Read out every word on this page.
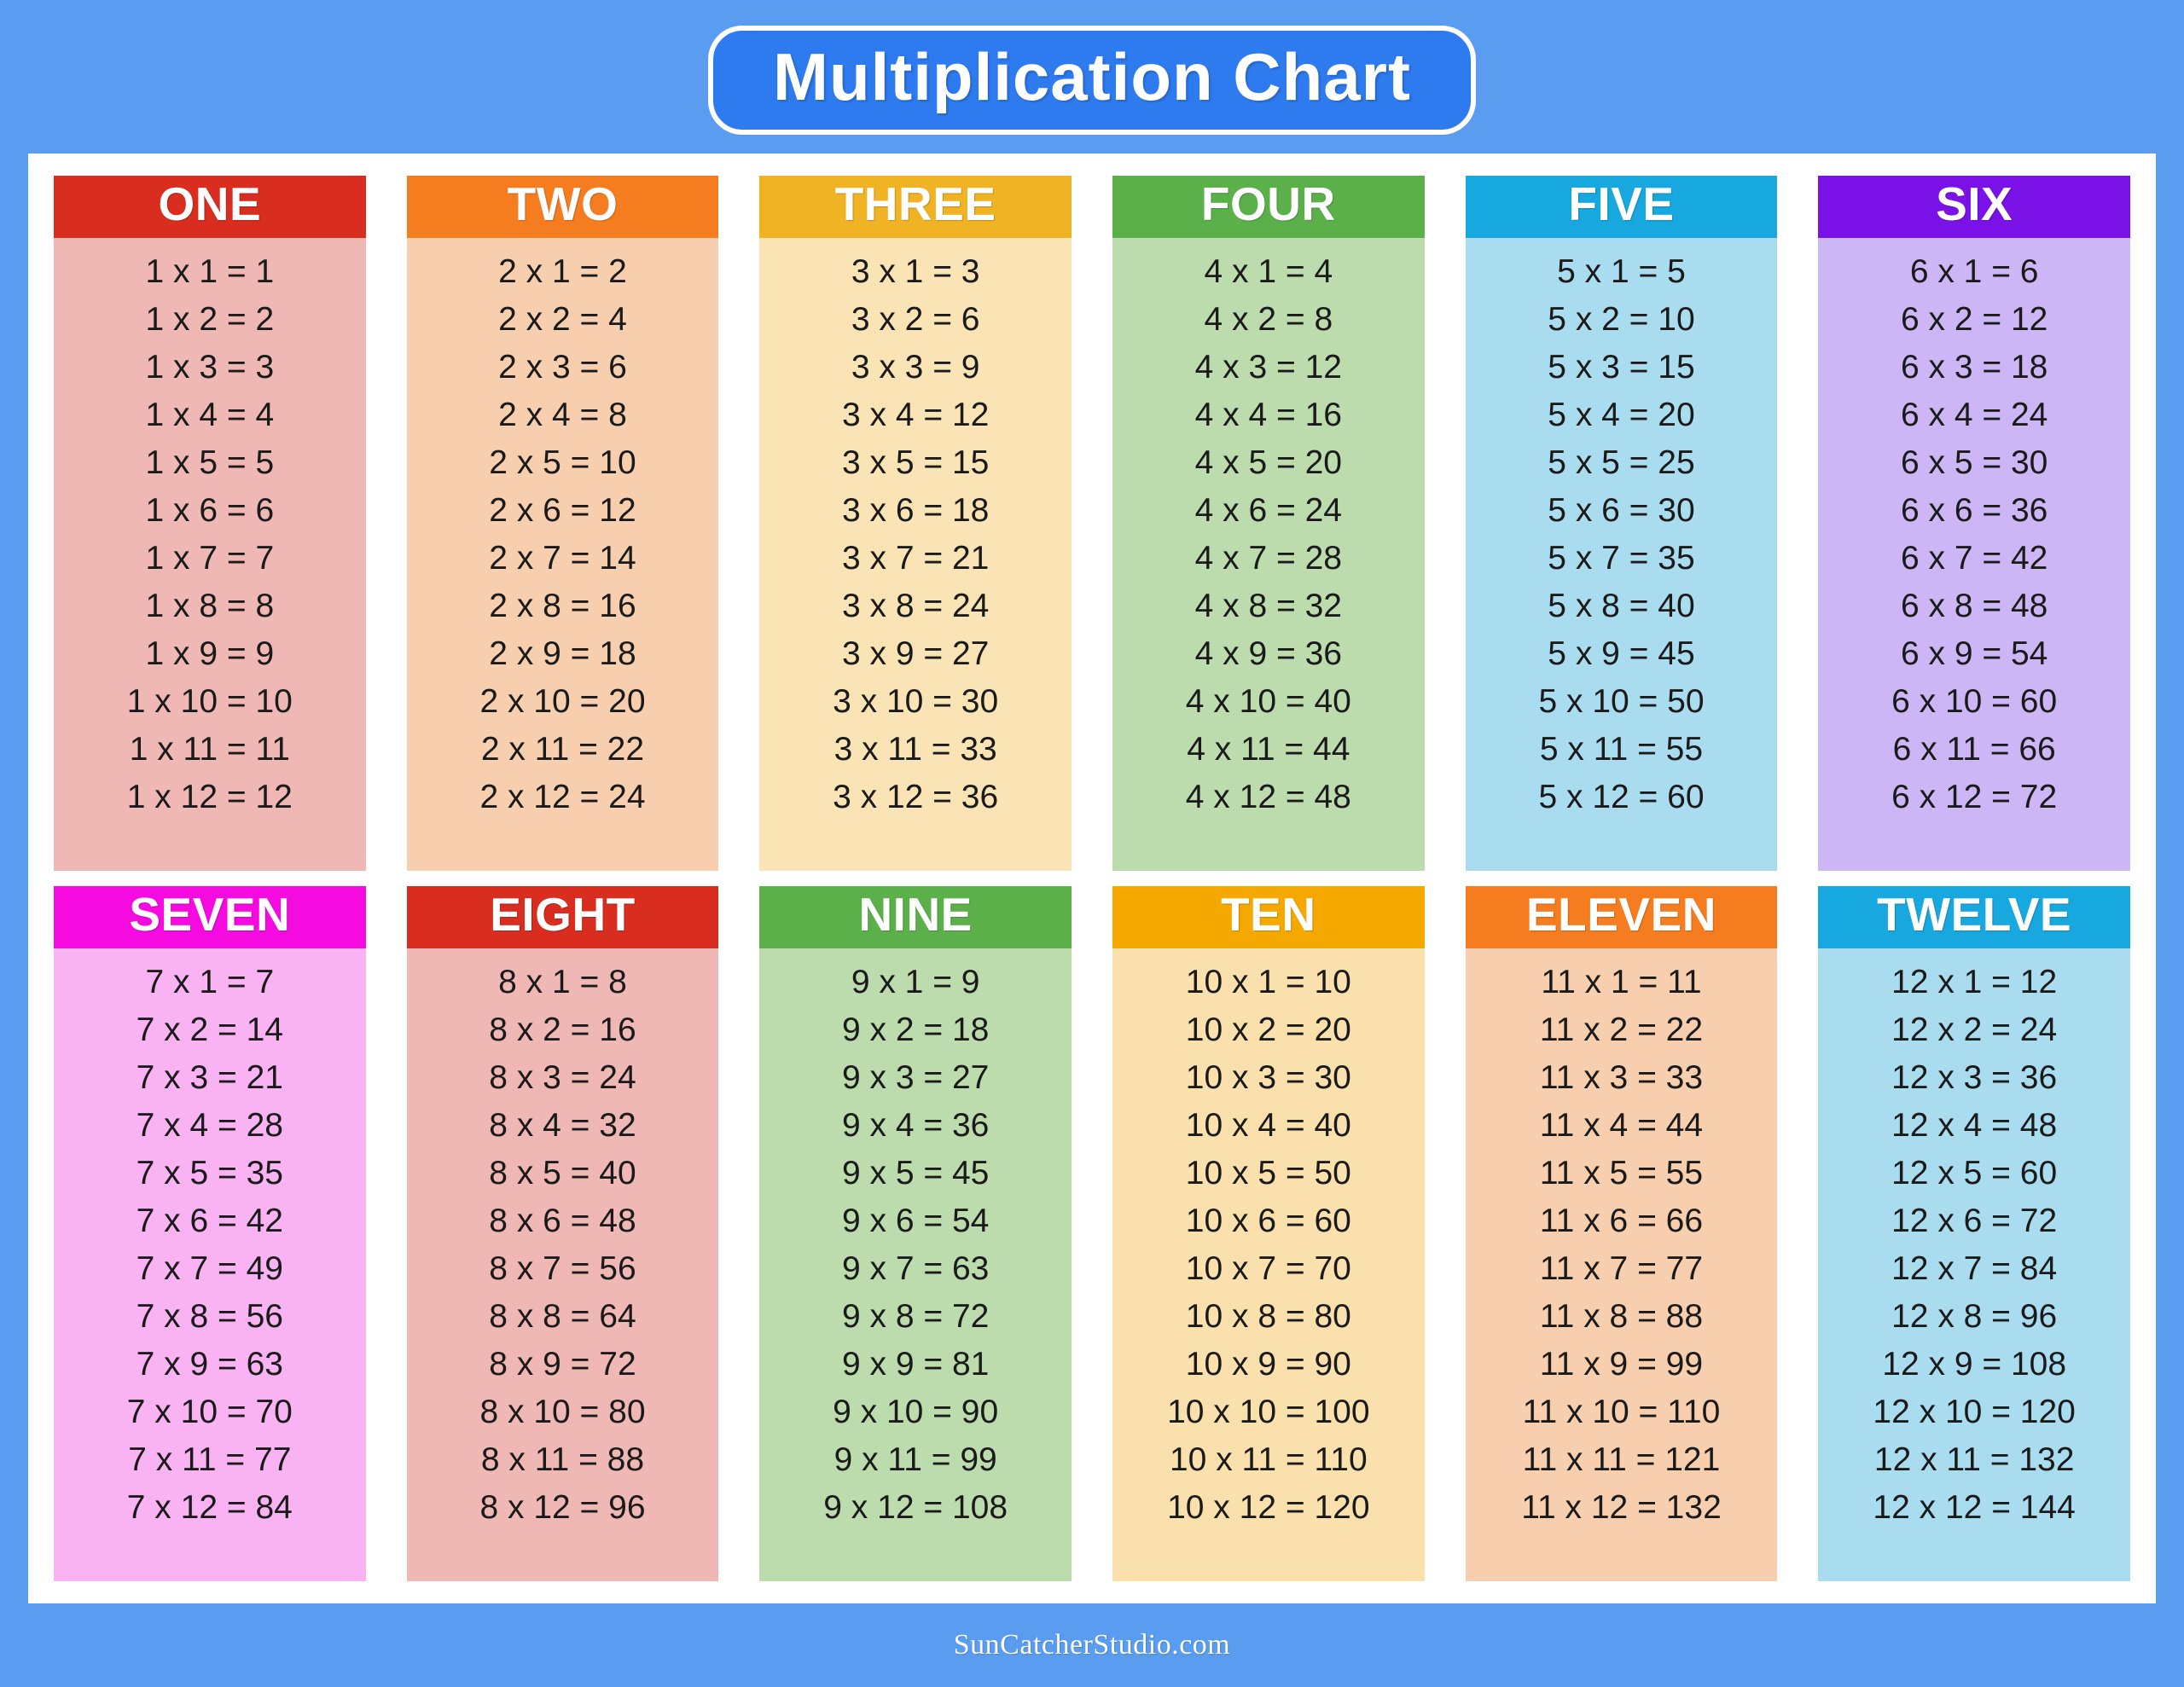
Multiplication Chart
ONE
1 x 1 = 1
1 x 2 = 2
1 x 3 = 3
1 x 4 = 4
1 x 5 = 5
1 x 6 = 6
1 x 7 = 7
1 x 8 = 8
1 x 9 = 9
1 x 10 = 10
1 x 11 = 11
1 x 12 = 12
TWO
2 x 1 = 2
2 x 2 = 4
2 x 3 = 6
2 x 4 = 8
2 x 5 = 10
2 x 6 = 12
2 x 7 = 14
2 x 8 = 16
2 x 9 = 18
2 x 10 = 20
2 x 11 = 22
2 x 12 = 24
THREE
3 x 1 = 3
3 x 2 = 6
3 x 3 = 9
3 x 4 = 12
3 x 5 = 15
3 x 6 = 18
3 x 7 = 21
3 x 8 = 24
3 x 9 = 27
3 x 10 = 30
3 x 11 = 33
3 x 12 = 36
FOUR
4 x 1 = 4
4 x 2 = 8
4 x 3 = 12
4 x 4 = 16
4 x 5 = 20
4 x 6 = 24
4 x 7 = 28
4 x 8 = 32
4 x 9 = 36
4 x 10 = 40
4 x 11 = 44
4 x 12 = 48
FIVE
5 x 1 = 5
5 x 2 = 10
5 x 3 = 15
5 x 4 = 20
5 x 5 = 25
5 x 6 = 30
5 x 7 = 35
5 x 8 = 40
5 x 9 = 45
5 x 10 = 50
5 x 11 = 55
5 x 12 = 60
SIX
6 x 1 = 6
6 x 2 = 12
6 x 3 = 18
6 x 4 = 24
6 x 5 = 30
6 x 6 = 36
6 x 7 = 42
6 x 8 = 48
6 x 9 = 54
6 x 10 = 60
6 x 11 = 66
6 x 12 = 72
SEVEN
7 x 1 = 7
7 x 2 = 14
7 x 3 = 21
7 x 4 = 28
7 x 5 = 35
7 x 6 = 42
7 x 7 = 49
7 x 8 = 56
7 x 9 = 63
7 x 10 = 70
7 x 11 = 77
7 x 12 = 84
EIGHT
8 x 1 = 8
8 x 2 = 16
8 x 3 = 24
8 x 4 = 32
8 x 5 = 40
8 x 6 = 48
8 x 7 = 56
8 x 8 = 64
8 x 9 = 72
8 x 10 = 80
8 x 11 = 88
8 x 12 = 96
NINE
9 x 1 = 9
9 x 2 = 18
9 x 3 = 27
9 x 4 = 36
9 x 5 = 45
9 x 6 = 54
9 x 7 = 63
9 x 8 = 72
9 x 9 = 81
9 x 10 = 90
9 x 11 = 99
9 x 12 = 108
TEN
10 x 1 = 10
10 x 2 = 20
10 x 3 = 30
10 x 4 = 40
10 x 5 = 50
10 x 6 = 60
10 x 7 = 70
10 x 8 = 80
10 x 9 = 90
10 x 10 = 100
10 x 11 = 110
10 x 12 = 120
ELEVEN
11 x 1 = 11
11 x 2 = 22
11 x 3 = 33
11 x 4 = 44
11 x 5 = 55
11 x 6 = 66
11 x 7 = 77
11 x 8 = 88
11 x 9 = 99
11 x 10 = 110
11 x 11 = 121
11 x 12 = 132
TWELVE
12 x 1 = 12
12 x 2 = 24
12 x 3 = 36
12 x 4 = 48
12 x 5 = 60
12 x 6 = 72
12 x 7 = 84
12 x 8 = 96
12 x 9 = 108
12 x 10 = 120
12 x 11 = 132
12 x 12 = 144
SunCatcherStudio.com
